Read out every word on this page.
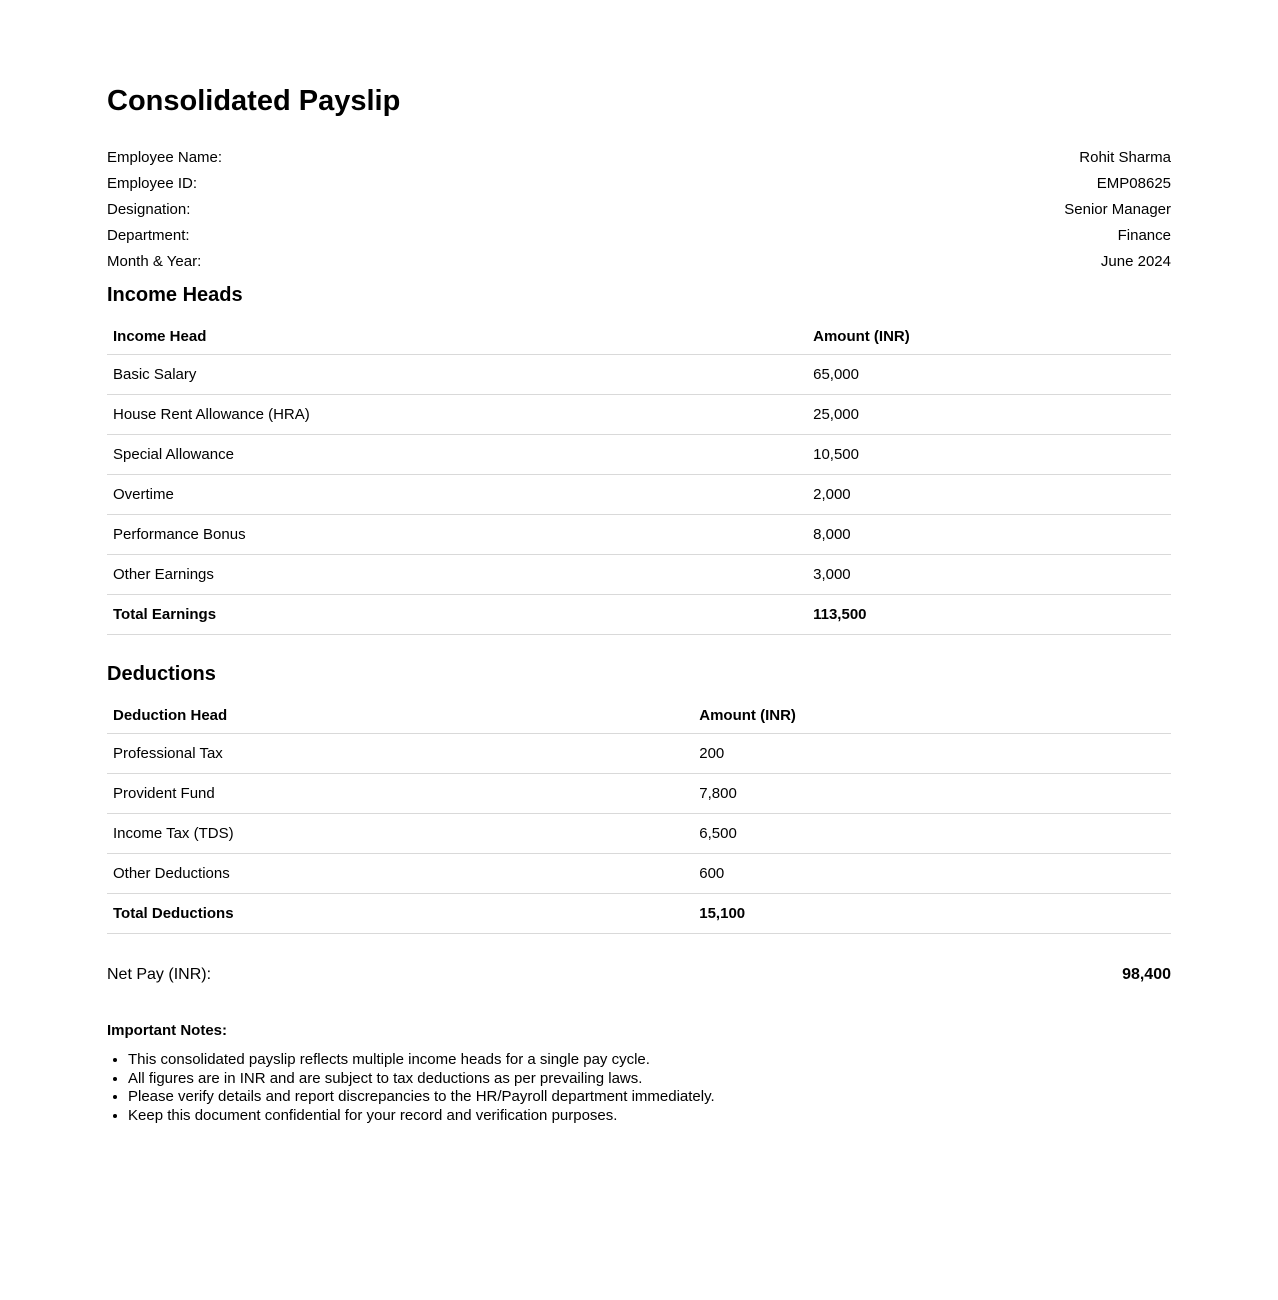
Consolidated Payslip
Employee Name:	Rohit Sharma
Employee ID:	EMP08625
Designation:	Senior Manager
Department:	Finance
Month & Year:	June 2024
Income Heads
Income Head	Amount (INR)
Basic Salary	65,000
House Rent Allowance (HRA)	25,000
Special Allowance	10,500
Overtime	2,000
Performance Bonus	8,000
Other Earnings	3,000
Total Earnings	113,500
Deductions
Deduction Head	Amount (INR)
Professional Tax	200
Provident Fund	7,800
Income Tax (TDS)	6,500
Other Deductions	600
Total Deductions	15,100
Net Pay (INR):	98,400
Important Notes:
• This consolidated payslip reflects multiple income heads for a single pay cycle.
• All figures are in INR and are subject to tax deductions as per prevailing laws.
• Please verify details and report discrepancies to the HR/Payroll department immediately.
• Keep this document confidential for your record and verification purposes.
